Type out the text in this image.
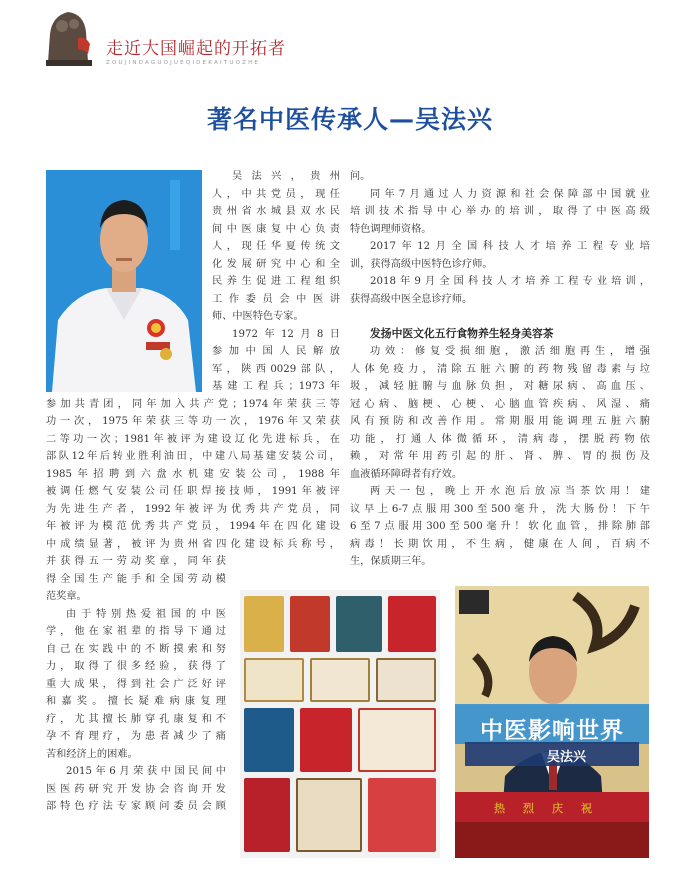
走近大国崛起的开拓者
ZOUJINDAGUOJUEQIDEKAITUOZHE
著名中医传承人—吴法兴
吴法兴，贵州
人，中共党员，现任
贵州省水城县双水民
间中医康复中心负责
人，现任华夏传统文
化发展研究中心和全
民养生促进工程组织
工作委员会中医讲
师、中医特色专家。
1972年12月8日
参加中国人民解放
军，陕西0029部队，
基建工程兵；1973年
参加共青团，同年加入共产党；1974年荣获三等
功一次，1975年荣获三等功一次，1976年又荣获
二等功一次；1981年被评为建设辽化先进标兵，在
部队12年后转业胜利油田，中建八局基建安装公司，
1985年招聘到六盘水机建安装公司，1988年
被调任燃气安装公司任职焊接技师，1991年被评
为先进生产者，1992年被评为优秀共产党员，同
年被评为模范优秀共产党员，1994年在四化建设
中成绩显著，被评为贵州省四化建设标兵称号，
并获得五一劳动奖章，同年获
得全国生产能手和全国劳动模
范奖章。
由于特别热爱祖国的中医
学，他在家祖辈的指导下通过
自己在实践中的不断摸索和努
力，取得了很多经验，获得了
重大成果，得到社会广泛好评
和嘉奖。擅长疑难病康复理
疗，尤其擅长肺穿孔康复和不
孕不育理疗，为患者减少了痛
苦和经济上的困难。
2015年6月荣获中国民间中
医医药研究开发协会咨询开发
部特色疗法专家顾问委员会顾
问。
同年7月通过人力资源和社会保障部中国就业
培训技术指导中心举办的培训，取得了中医高级
特色调理师资格。
2017年12月全国科技人才培养工程专业培
训，获得高级中医特色诊疗师。
2018年9月全国科技人才培养工程专业培训，
获得高级中医全息诊疗师。
发扬中医文化五行食物养生轻身美容茶
功效：修复受损细胞，激活细胞再生，增强
人体免疫力，清除五脏六腑的药物残留毒素与垃
圾，减轻脏腑与血脉负担，对糖尿病、高血压、
冠心病、脑梗、心梗、心脑血管疾病、风湿、痛
风有预防和改善作用。常期服用能调理五脏六腑
功能，打通人体微循环，清病毒，摆脱药物依
赖，对常年用药引起的肝、肾、脾、胃的损伤及
血液循环障碍者有疗效。
两天一包，晚上开水泡后放凉当茶饮用！建
议早上6-7点服用300至500毫升，洗大肠份！下午
6至7点服用300至500毫升！软化血管，排除肺部
病毒！长期饮用，不生病，健康在人间，百病不
生，保质期三年。
中医影响世界
吴法兴
热烈庆祝
